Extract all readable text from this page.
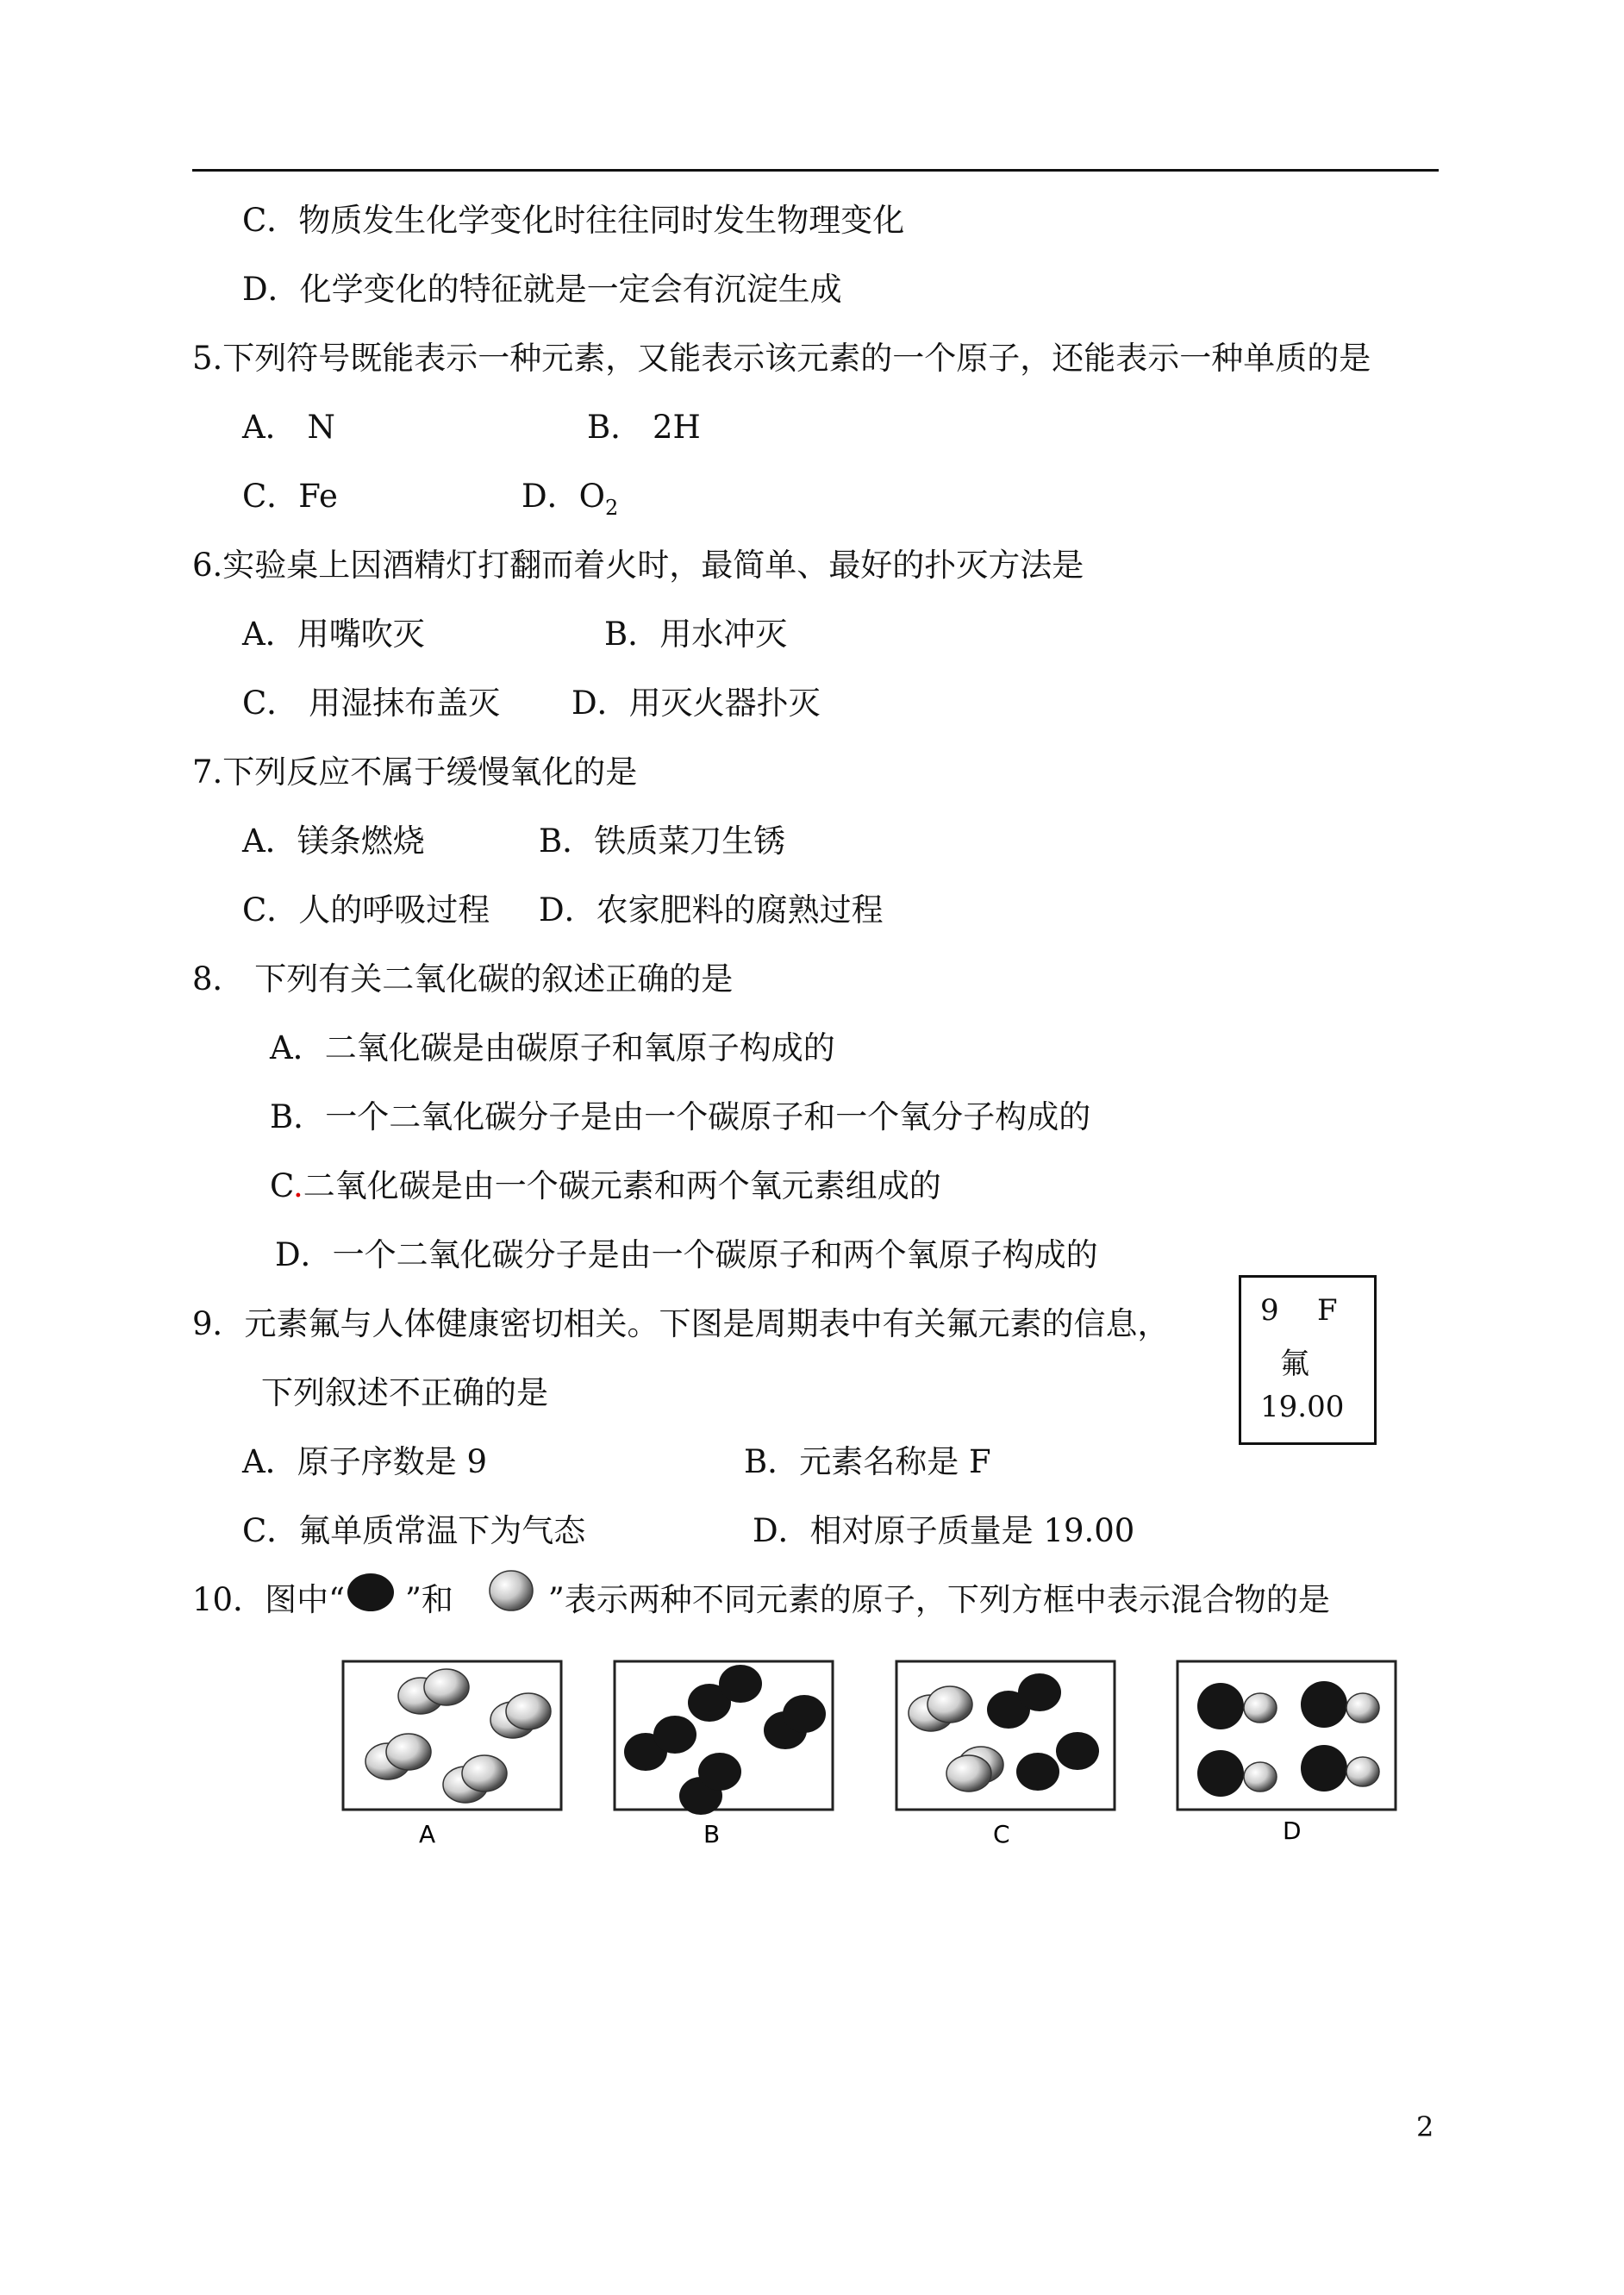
C．物质发生化学变化时往往同时发生物理变化
D．化学变化的特征就是一定会有沉淀生成
5.下列符号既能表示一种元素，又能表示该元素的一个原子，还能表示一种单质的是
A． N	B． 2H
C．Fe	D．$O_2$
6.实验桌上因酒精灯打翻而着火时，最简单、最好的扑灭方法是
A．用嘴吹灭	B．用水冲灭
C． 用湿抹布盖灭 D．用灭火器扑灭
7.下列反应不属于缓慢氧化的是
A．镁条燃烧	B．铁质菜刀生锈
C．人的呼吸过程 D．农家肥料的腐熟过程
8． 下列有关二氧化碳的叙述正确的是
A．二氧化碳是由碳原子和氧原子构成的
B．一个二氧化碳分子是由一个碳原子和一个氧分子构成的
C.二氧化碳是由一个碳元素和两个氧元素组成的
D．一个二氧化碳分子是由一个碳原子和两个氧原子构成的
9．元素氟与人体健康密切相关。下图是周期表中有关氟元素的信息，
下列叙述不正确的是
A．原子序数是 9	B．元素名称是 F
C．氟单质常温下为气态	D．相对原子质量是 19.00
9 F
氟
19.00
10．图中“ ”和	”表示两种不同元素的原子，下列方框中表示混合物的是
A	B	C	D
2
